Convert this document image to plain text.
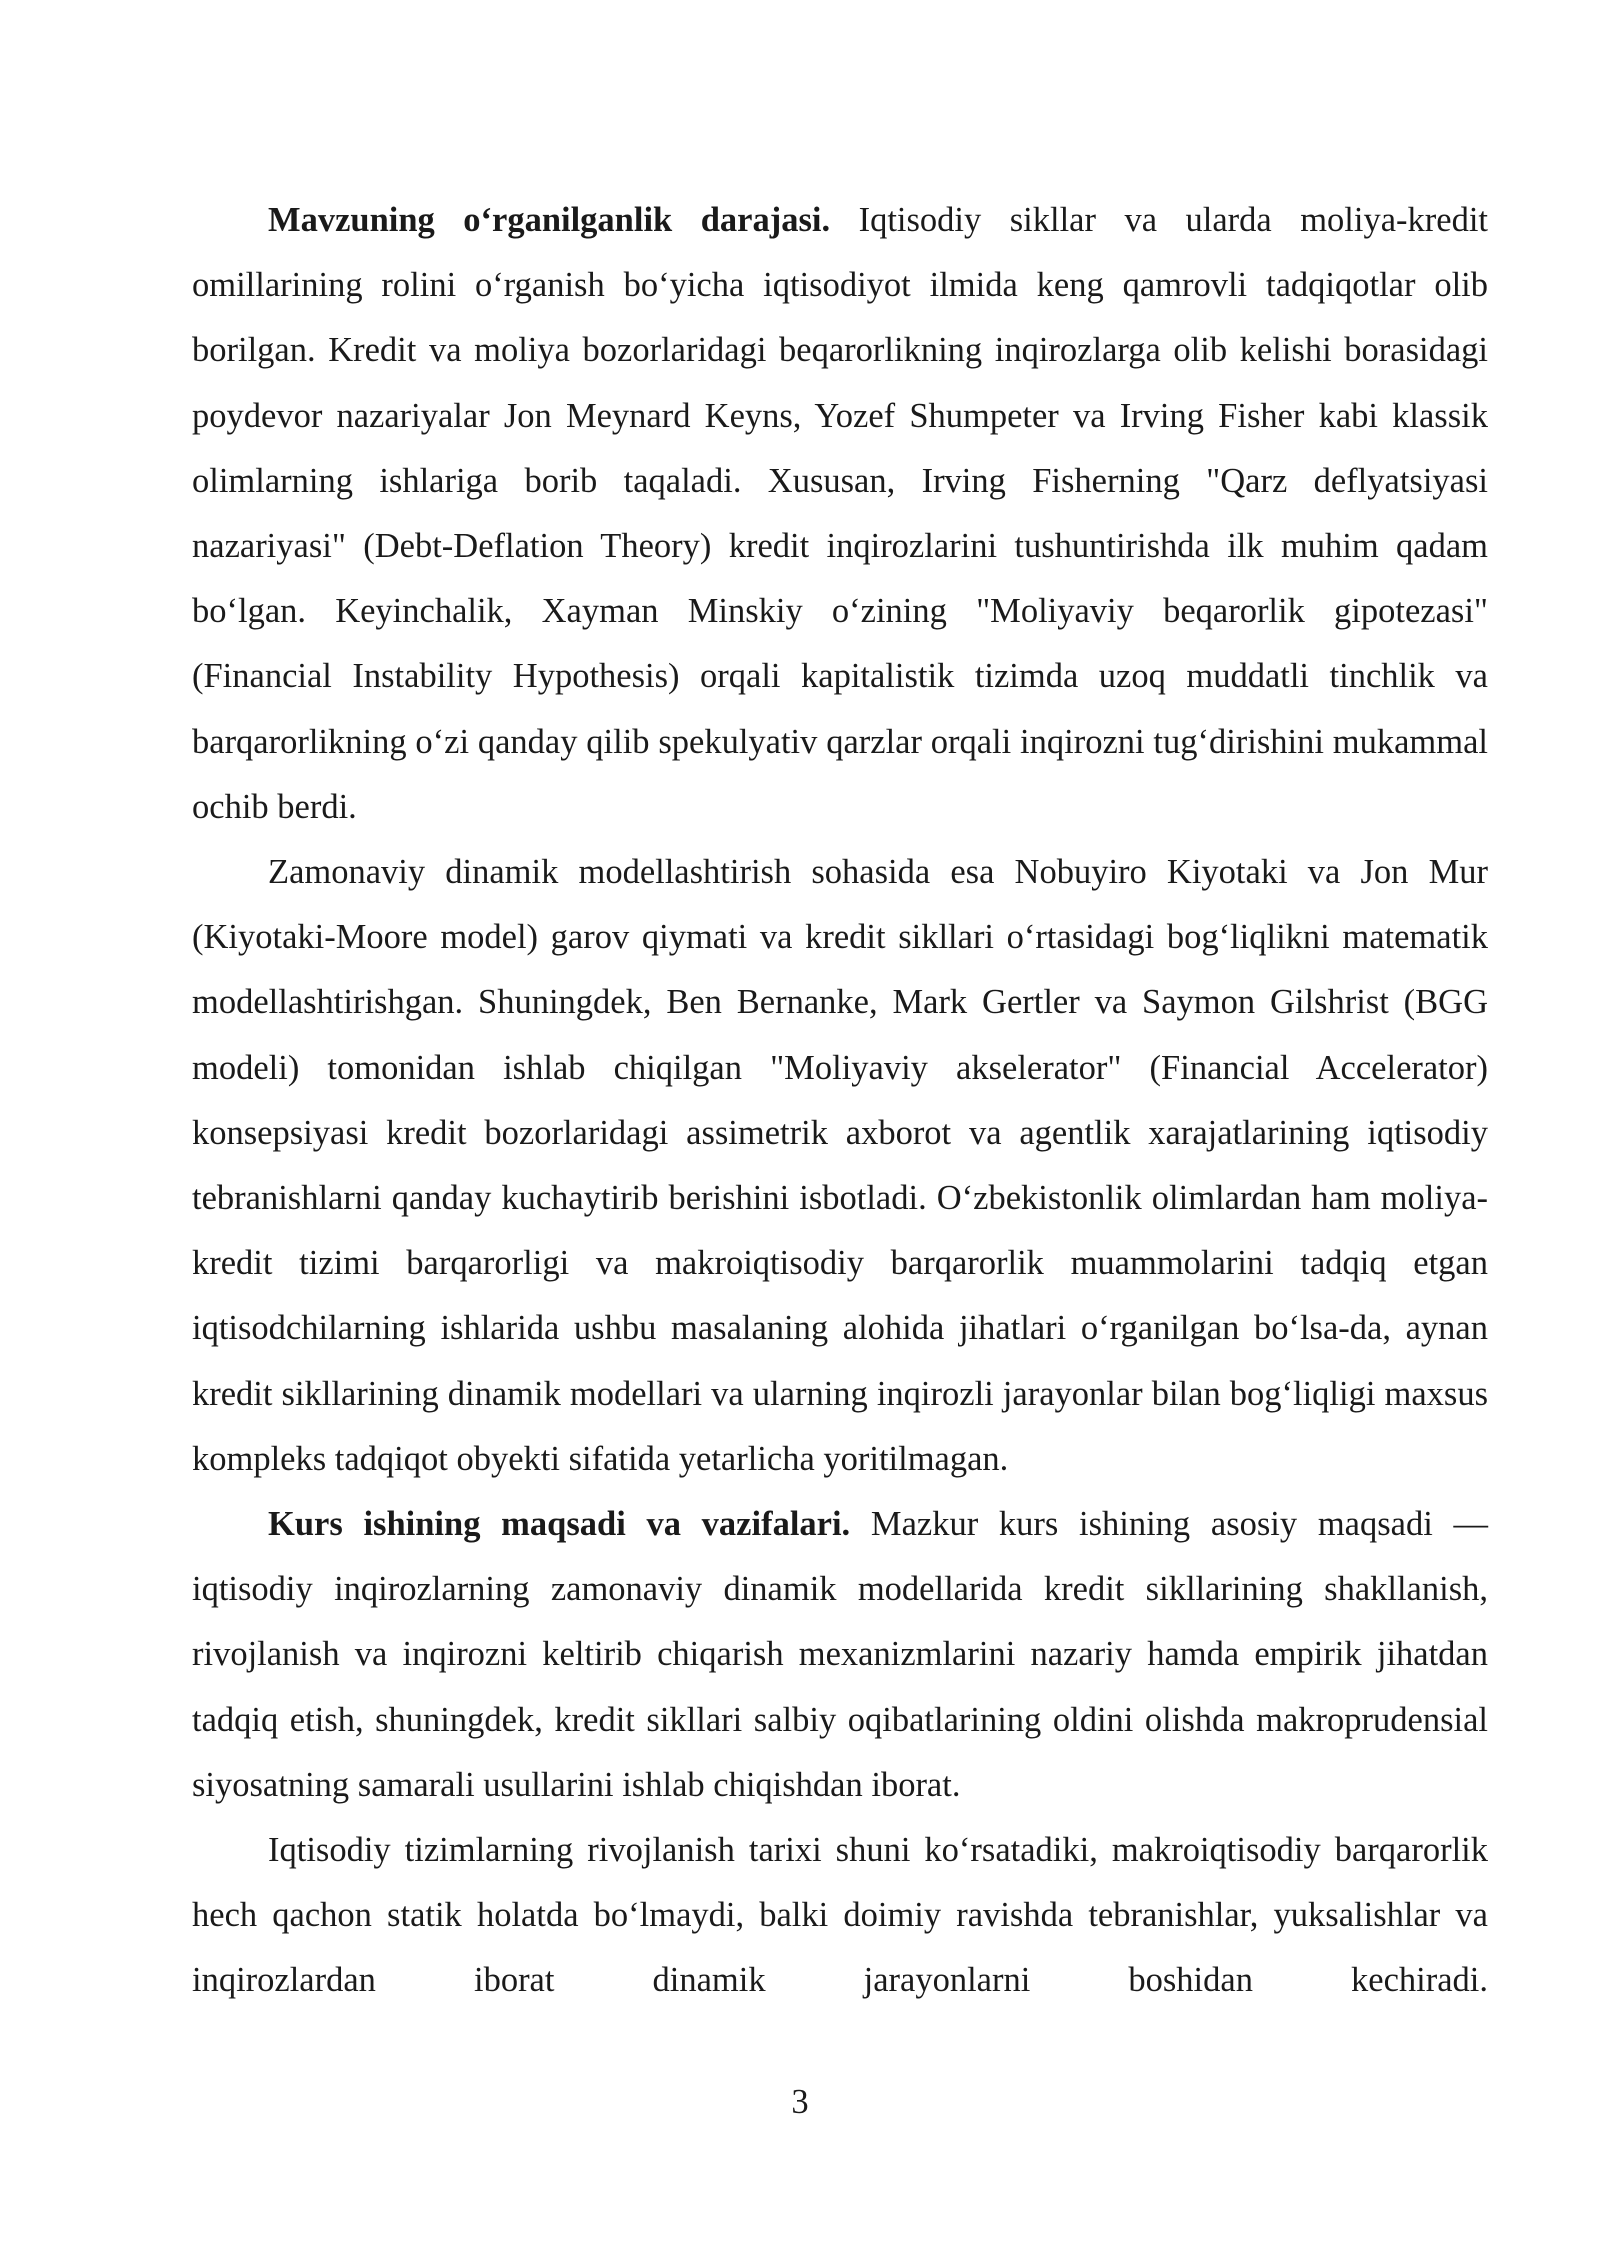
Mavzuning o‘rganilganlik darajasi. Iqtisodiy sikllar va ularda moliya-kredit omillarining rolini o‘rganish bo‘yicha iqtisodiyot ilmida keng qamrovli tadqiqotlar olib borilgan. Kredit va moliya bozorlaridagi beqarorlikning inqirozlarga olib kelishi borasidagi poydevor nazariyalar Jon Meynard Keyns, Yozef Shumpeter va Irving Fisher kabi klassik olimlarning ishlariga borib taqaladi. Xususan, Irving Fisherning "Qarz deflyatsiyasi nazariyasi" (Debt-Deflation Theory) kredit inqirozlarini tushuntirishda ilk muhim qadam bo‘lgan. Keyinchalik, Xayman Minskiy o‘zining "Moliyaviy beqarorlik gipotezasi" (Financial Instability Hypothesis) orqali kapitalistik tizimda uzoq muddatli tinchlik va barqarorlikning o‘zi qanday qilib spekulyativ qarzlar orqali inqirozni tug‘dirishini mukammal ochib berdi.

Zamonaviy dinamik modellashtirish sohasida esa Nobuyiro Kiyotaki va Jon Mur (Kiyotaki-Moore model) garov qiymati va kredit sikllari o‘rtasidagi bog‘liqlikni matematik modellashtirishgan. Shuningdek, Ben Bernanke, Mark Gertler va Saymon Gilshrist (BGG modeli) tomonidan ishlab chiqilgan "Moliyaviy akselerator" (Financial Accelerator) konsepsiyasi kredit bozorlaridagi assimetrik axborot va agentlik xarajatlarining iqtisodiy tebranishlarni qanday kuchaytirib berishini isbotladi. O‘zbekistonlik olimlardan ham moliya-kredit tizimi barqarorligi va makroiqtisodiy barqarorlik muammolarini tadqiq etgan iqtisodchilarning ishlarida ushbu masalaning alohida jihatlari o‘rganilgan bo‘lsa-da, aynan kredit sikllarining dinamik modellari va ularning inqirozli jarayonlar bilan bog‘liqligi maxsus kompleks tadqiqot obyekti sifatida yetarlicha yoritilmagan.

Kurs ishining maqsadi va vazifalari. Mazkur kurs ishining asosiy maqsadi — iqtisodiy inqirozlarning zamonaviy dinamik modellarida kredit sikllarining shakllanish, rivojlanish va inqirozni keltirib chiqarish mexanizmlarini nazariy hamda empirik jihatdan tadqiq etish, shuningdek, kredit sikllari salbiy oqibatlarining oldini olishda makroprudensial siyosatning samarali usullarini ishlab chiqishdan iborat.

Iqtisodiy tizimlarning rivojlanish tarixi shuni ko‘rsatadiki, makroiqtisodiy barqarorlik hech qachon statik holatda bo‘lmaydi, balki doimiy ravishda tebranishlar, yuksalishlar va inqirozlardan iborat dinamik jarayonlarni boshidan kechiradi.

3
